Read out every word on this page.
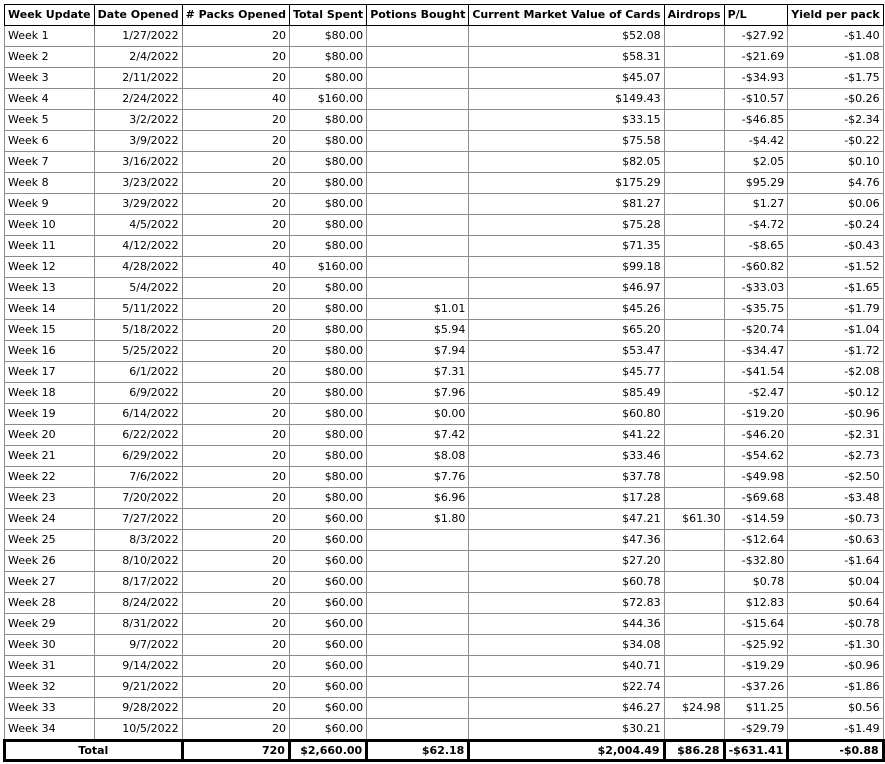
Week Update	Date Opened	# Packs Opened	Total Spent	Potions Bought	Current Market Value of Cards	Airdrops	P/L	Yield per pack
Week 1	1/27/2022	20	$80.00		$52.08		-$27.92	-$1.40
Week 2	2/4/2022	20	$80.00		$58.31		-$21.69	-$1.08
Week 3	2/11/2022	20	$80.00		$45.07		-$34.93	-$1.75
Week 4	2/24/2022	40	$160.00		$149.43		-$10.57	-$0.26
Week 5	3/2/2022	20	$80.00		$33.15		-$46.85	-$2.34
Week 6	3/9/2022	20	$80.00		$75.58		-$4.42	-$0.22
Week 7	3/16/2022	20	$80.00		$82.05		$2.05	$0.10
Week 8	3/23/2022	20	$80.00		$175.29		$95.29	$4.76
Week 9	3/29/2022	20	$80.00		$81.27		$1.27	$0.06
Week 10	4/5/2022	20	$80.00		$75.28		-$4.72	-$0.24
Week 11	4/12/2022	20	$80.00		$71.35		-$8.65	-$0.43
Week 12	4/28/2022	40	$160.00		$99.18		-$60.82	-$1.52
Week 13	5/4/2022	20	$80.00		$46.97		-$33.03	-$1.65
Week 14	5/11/2022	20	$80.00	$1.01	$45.26		-$35.75	-$1.79
Week 15	5/18/2022	20	$80.00	$5.94	$65.20		-$20.74	-$1.04
Week 16	5/25/2022	20	$80.00	$7.94	$53.47		-$34.47	-$1.72
Week 17	6/1/2022	20	$80.00	$7.31	$45.77		-$41.54	-$2.08
Week 18	6/9/2022	20	$80.00	$7.96	$85.49		-$2.47	-$0.12
Week 19	6/14/2022	20	$80.00	$0.00	$60.80		-$19.20	-$0.96
Week 20	6/22/2022	20	$80.00	$7.42	$41.22		-$46.20	-$2.31
Week 21	6/29/2022	20	$80.00	$8.08	$33.46		-$54.62	-$2.73
Week 22	7/6/2022	20	$80.00	$7.76	$37.78		-$49.98	-$2.50
Week 23	7/20/2022	20	$80.00	$6.96	$17.28		-$69.68	-$3.48
Week 24	7/27/2022	20	$60.00	$1.80	$47.21	$61.30	-$14.59	-$0.73
Week 25	8/3/2022	20	$60.00		$47.36		-$12.64	-$0.63
Week 26	8/10/2022	20	$60.00		$27.20		-$32.80	-$1.64
Week 27	8/17/2022	20	$60.00		$60.78		$0.78	$0.04
Week 28	8/24/2022	20	$60.00		$72.83		$12.83	$0.64
Week 29	8/31/2022	20	$60.00		$44.36		-$15.64	-$0.78
Week 30	9/7/2022	20	$60.00		$34.08		-$25.92	-$1.30
Week 31	9/14/2022	20	$60.00		$40.71		-$19.29	-$0.96
Week 32	9/21/2022	20	$60.00		$22.74		-$37.26	-$1.86
Week 33	9/28/2022	20	$60.00		$46.27	$24.98	$11.25	$0.56
Week 34	10/5/2022	20	$60.00		$30.21		-$29.79	-$1.49
Total		720	$2,660.00	$62.18	$2,004.49	$86.28	-$631.41	-$0.88
